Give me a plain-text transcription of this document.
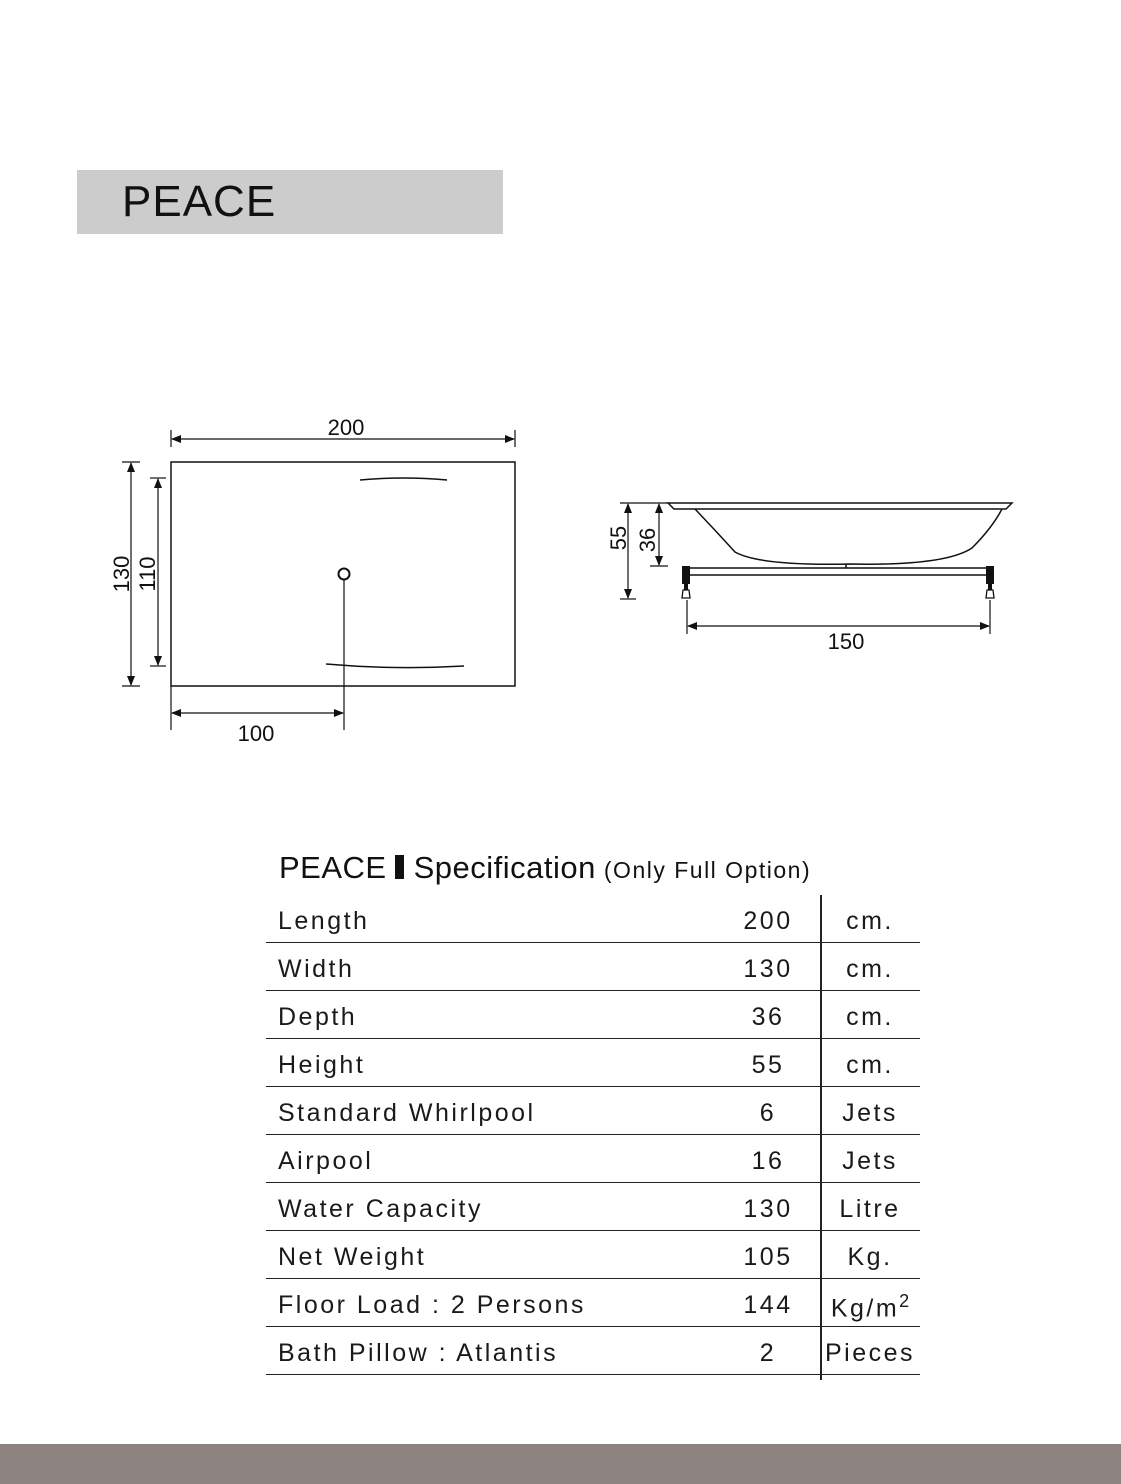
PEACE
200
130 110
100
55 36
150
PEACE Specification (Only Full Option)
Length	200	cm.
Width	130	cm.
Depth	36	cm.
Height	55	cm.
Standard Whirlpool	6	Jets
Airpool	16	Jets
Water Capacity	130	Litre
Net Weight	105	Kg.
Floor Load : 2 Persons	144	$Kg/m^2$
Bath Pillow : Atlantis	2	Pieces
